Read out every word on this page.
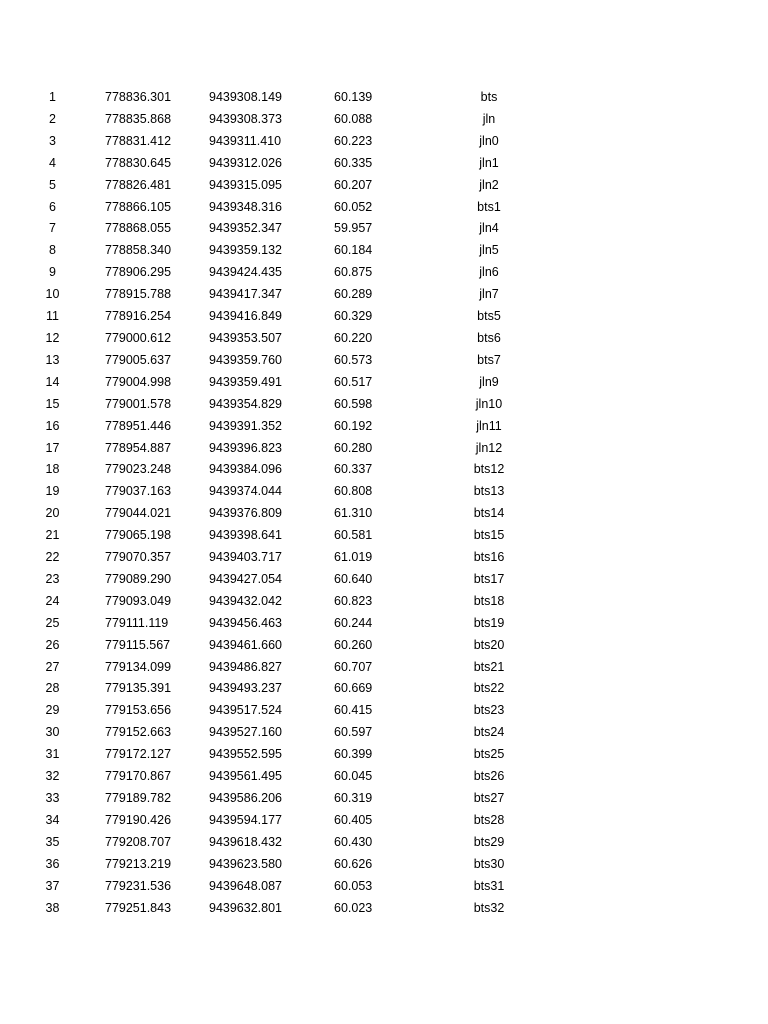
1	778836.301		9439308.149	60.139	bts	
2	778835.868		9439308.373	60.088	jln	
3	778831.412		9439311.410	60.223	jln0	
4	778830.645		9439312.026	60.335	jln1	
5	778826.481		9439315.095	60.207	jln2	
6	778866.105		9439348.316	60.052	bts1	
7	778868.055		9439352.347	59.957	jln4	
8	778858.340		9439359.132	60.184	jln5	
9	778906.295		9439424.435	60.875	jln6	
10	778915.788		9439417.347	60.289	jln7	
11	778916.254		9439416.849	60.329	bts5	
12	779000.612		9439353.507	60.220	bts6	
13	779005.637		9439359.760	60.573	bts7	
14	779004.998		9439359.491	60.517	jln9	
15	779001.578		9439354.829	60.598	jln10	
16	778951.446		9439391.352	60.192	jln11	
17	778954.887		9439396.823	60.280	jln12	
18	779023.248		9439384.096	60.337	bts12	
19	779037.163		9439374.044	60.808	bts13	
20	779044.021		9439376.809	61.310	bts14	
21	779065.198		9439398.641	60.581	bts15	
22	779070.357		9439403.717	61.019	bts16	
23	779089.290		9439427.054	60.640	bts17	
24	779093.049		9439432.042	60.823	bts18	
25	779111.119		9439456.463	60.244	bts19	
26	779115.567		9439461.660	60.260	bts20	
27	779134.099		9439486.827	60.707	bts21	
28	779135.391		9439493.237	60.669	bts22	
29	779153.656		9439517.524	60.415	bts23	
30	779152.663		9439527.160	60.597	bts24	
31	779172.127		9439552.595	60.399	bts25	
32	779170.867		9439561.495	60.045	bts26	
33	779189.782		9439586.206	60.319	bts27	
34	779190.426		9439594.177	60.405	bts28	
35	779208.707		9439618.432	60.430	bts29	
36	779213.219		9439623.580	60.626	bts30	
37	779231.536		9439648.087	60.053	bts31	
38	779251.843		9439632.801	60.023	bts32	
